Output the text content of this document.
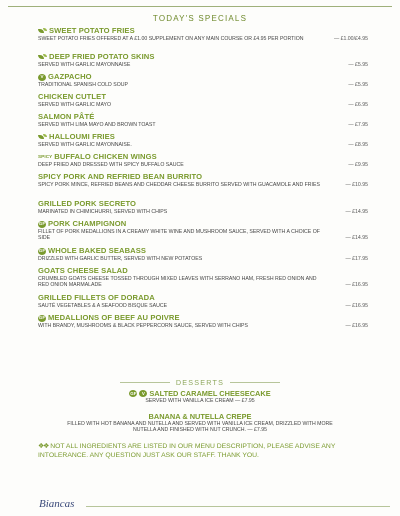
TODAY'S SPECIALS
SWEET POTATO FRIES
SWEET POTATO FRIES OFFERED AT A £1.00 SUPPLEMENT ON ANY MAIN COURSE OR £4.95 PER PORTION	— £1.00/£4.95
DEEP FRIED POTATO SKINS
SERVED WITH GARLIC MAYONNAISE	— £5.95
V GAZPACHO
TRADITIONAL SPANISH COLD SOUP	— £5.95
CHICKEN CUTLET
SERVED WITH GARLIC MAYO	— £6.95
SALMON PÂTÉ
SERVED WITH LIMA MAYO AND BROWN TOAST	— £7.95
HALLOUMI FRIES
SERVED WITH GARLIC MAYONNAISE.	— £8.95
SPICY BUFFALO CHICKEN WINGS
DEEP FRIED AND DRESSED WITH SPICY BUFFALO SAUCE	— £9.95
SPICY PORK AND REFRIED BEAN BURRITO
SPICY PORK MINCE, REFRIED BEANS AND CHEDDAR CHEESE BURRITO SERVED WITH GUACAMOLE AND FRIES	— £10.95
GRILLED PORK SECRETO
MARINATED IN CHIMICHURRI, SERVED WITH CHIPS	— £14.95
GF PORK CHAMPIGNON
FILLET OF PORK MEDALLIONS IN A CREAMY WHITE WINE AND MUSHROOM SAUCE, SERVED WITH A CHOICE OF SIDE	— £14.95
GF WHOLE BAKED SEABASS
DRIZZLED WITH GARLIC BUTTER, SERVED WITH NEW POTATOES	— £17.95
GOATS CHEESE SALAD
CRUMBLED GOATS CHEESE TOSSED THROUGH MIXED LEAVES WITH SERRANO HAM, FRESH RED ONION AND RED ONION MARMALADE	— £16.95
GRILLED FILLETS OF DORADA
SAUTÉ VEGETABLES & A SEAFOOD BISQUE SAUCE	— £16.95
GF MEDALLIONS OF BEEF AU POIVRE
WITH BRANDY, MUSHROOMS & BLACK PEPPERCORN SAUCE, SERVED WITH CHIPS	— £16.95
DESSERTS
GF	V SALTED CARAMEL CHEESECAKE
SERVED WITH VANILLA ICE CREAM — £7.95
BANANA & NUTELLA CREPE
FILLED WITH HOT BANANA AND NUTELLA AND SERVED WITH VANILLA ICE CREAM, DRIZZLED WITH MORE NUTELLA AND FINISHED WITH NUT CRUNCH. — £7.95
❖❖ NOT ALL INGREDIENTS ARE LISTED IN OUR MENU DESCRIPTION, PLEASE ADVISE ANY INTOLERANCE. ANY QUESTION JUST ASK OUR STAFF. THANK YOU.
Biancas
